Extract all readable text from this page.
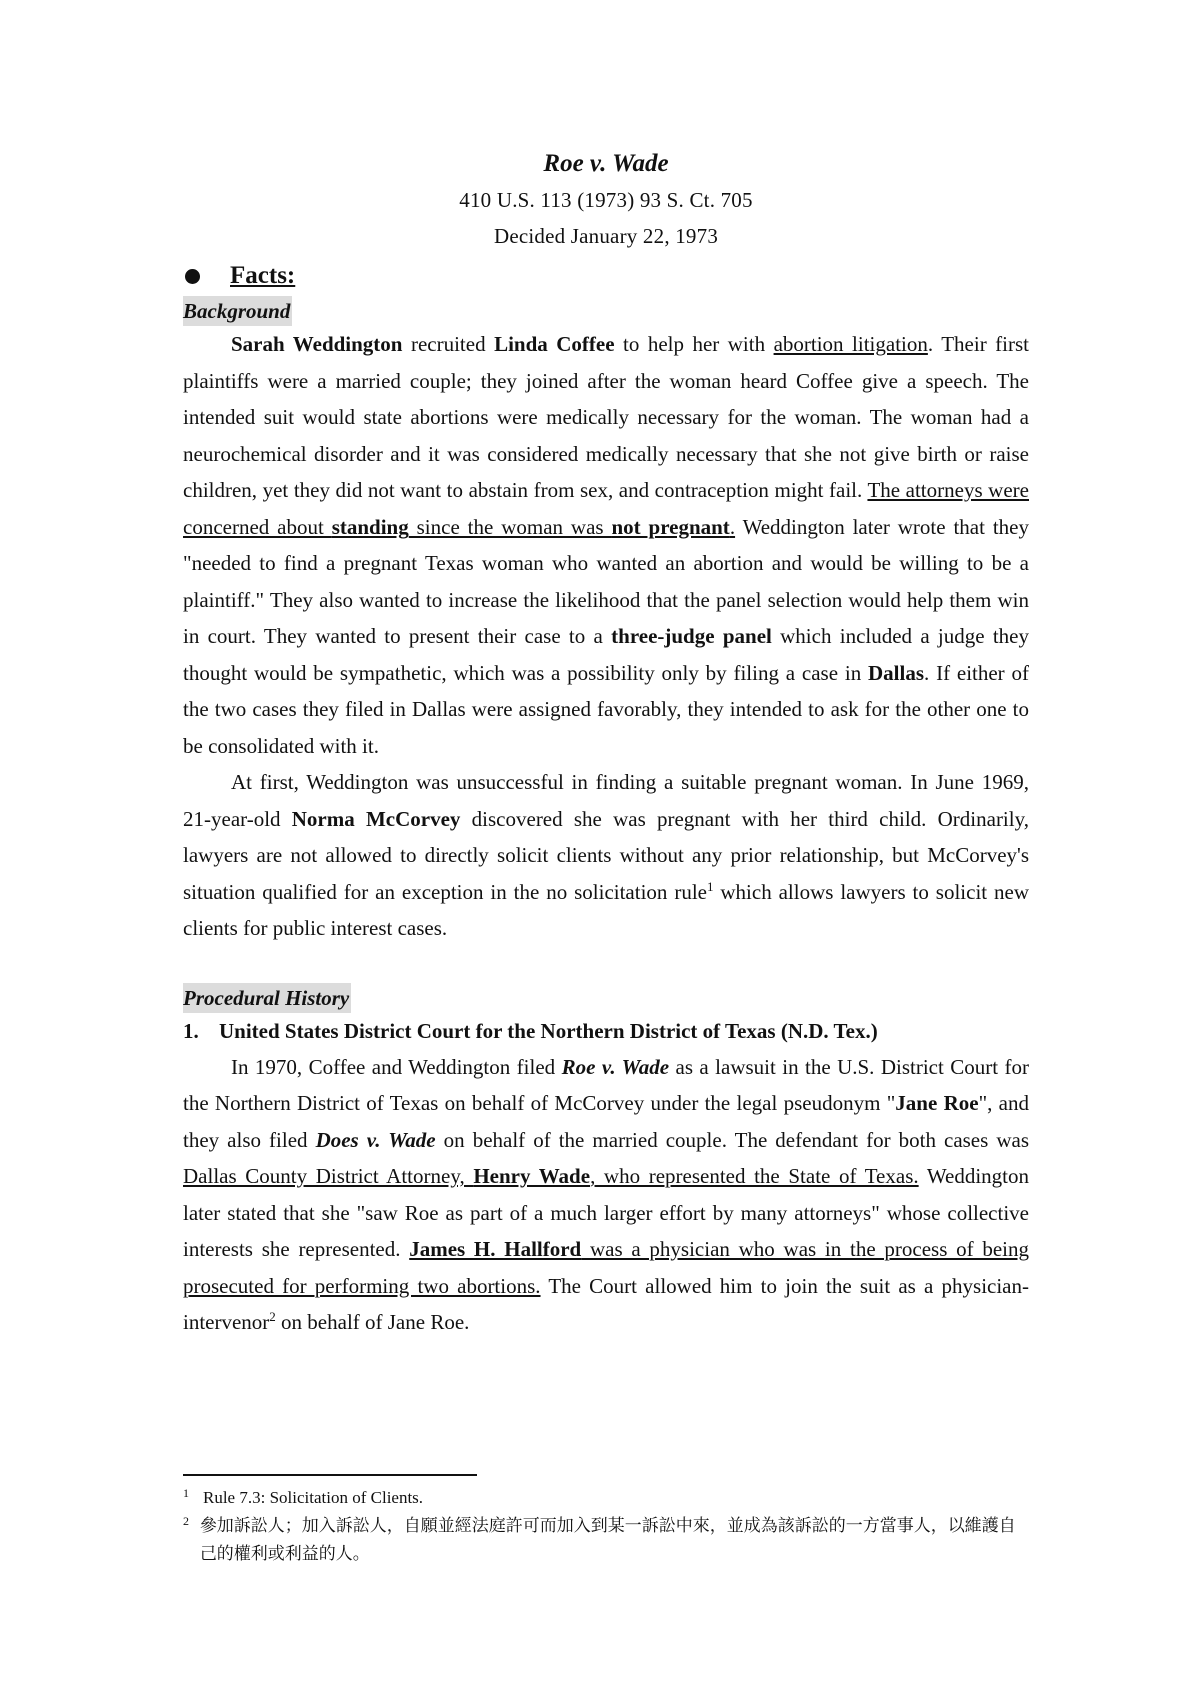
Roe v. Wade
410 U.S. 113 (1973) 93 S. Ct. 705
Decided January 22, 1973
Facts:
Background

Sarah Weddington recruited Linda Coffee to help her with abortion litigation. Their first plaintiffs were a married couple; they joined after the woman heard Coffee give a speech. The intended suit would state abortions were medically necessary for the woman. The woman had a neurochemical disorder and it was considered medically necessary that she not give birth or raise children, yet they did not want to abstain from sex, and contraception might fail. The attorneys were concerned about standing since the woman was not pregnant. Weddington later wrote that they "needed to find a pregnant Texas woman who wanted an abortion and would be willing to be a plaintiff." They also wanted to increase the likelihood that the panel selection would help them win in court. They wanted to present their case to a three-judge panel which included a judge they thought would be sympathetic, which was a possibility only by filing a case in Dallas. If either of the two cases they filed in Dallas were assigned favorably, they intended to ask for the other one to be consolidated with it.

At first, Weddington was unsuccessful in finding a suitable pregnant woman. In June 1969, 21-year-old Norma McCorvey discovered she was pregnant with her third child. Ordinarily, lawyers are not allowed to directly solicit clients without any prior relationship, but McCorvey's situation qualified for an exception in the no solicitation rule$^1$ which allows lawyers to solicit new clients for public interest cases.

Procedural History
1. United States District Court for the Northern District of Texas (N.D. Tex.)

In 1970, Coffee and Weddington filed Roe v. Wade as a lawsuit in the U.S. District Court for the Northern District of Texas on behalf of McCorvey under the legal pseudonym "Jane Roe", and they also filed Does v. Wade on behalf of the married couple. The defendant for both cases was Dallas County District Attorney, Henry Wade, who represented the State of Texas. Weddington later stated that she "saw Roe as part of a much larger effort by many attorneys" whose collective interests she represented. James H. Hallford was a physician who was in the process of being prosecuted for performing two abortions. The Court allowed him to join the suit as a physician-intervenor$^2$ on behalf of Jane Roe.

1 Rule 7.3: Solicitation of Clients.
2 參加訴訟人；加入訴訟人，自願並經法庭許可而加入到某一訴訟中來，並成為該訴訟的一方當事人，以維護自己的權利或利益的人。
